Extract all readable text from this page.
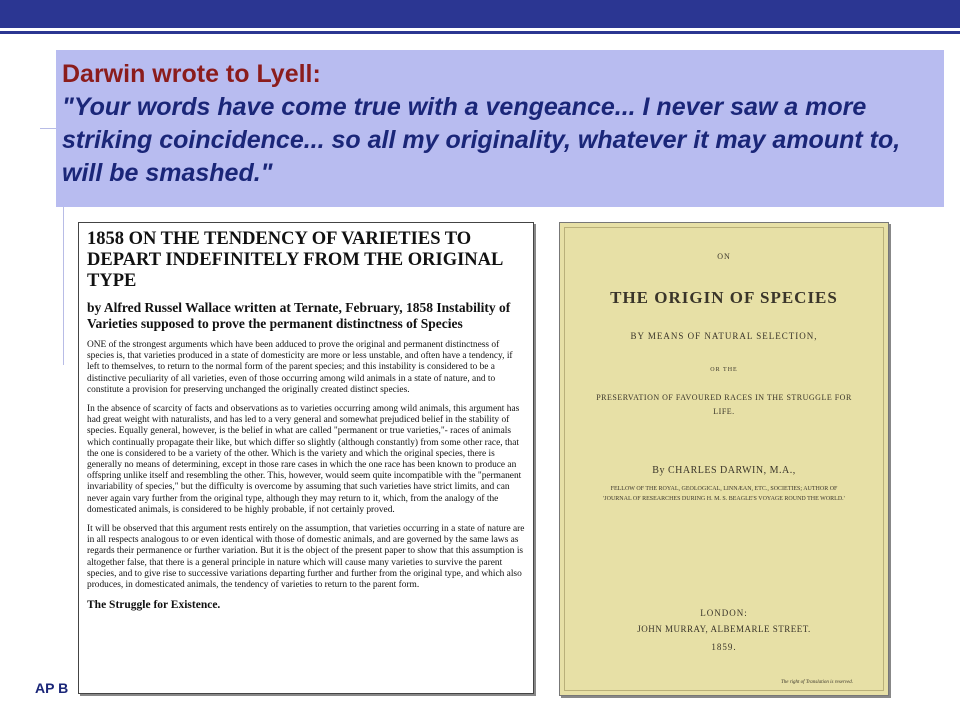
Darwin wrote to Lyell:
"Your words have come true with a vengeance... I never saw a more striking coincidence... so all my originality, whatever it may amount to, will be smashed."
1858 ON THE TENDENCY OF VARIETIES TO DEPART INDEFINITELY FROM THE ORIGINAL TYPE
by Alfred Russel Wallace written at Ternate, February, 1858 Instability of Varieties supposed to prove the permanent distinctness of Species

ONE of the strongest arguments which have been adduced to prove the original and permanent distinctness of species is, that varieties produced in a state of domesticity are more or less unstable, and often have a tendency, if left to themselves, to return to the normal form of the parent species; and this instability is considered to be a distinctive peculiarity of all varieties, even of those occurring among wild animals in a state of nature, and to constitute a provision for preserving unchanged the originally created distinct species.

In the absence of scarcity of facts and observations as to varieties occurring among wild animals, this argument has had great weight with naturalists, and has led to a very general and somewhat prejudiced belief in the stability of species. Equally general, however, is the belief in what are called "permanent or true varieties,"- races of animals which continually propagate their like, but which differ so slightly (although constantly) from some other race, that the one is considered to be a variety of the other. Which is the variety and which the original species, there is generally no means of determining, except in those rare cases in which the one race has been known to produce an offspring unlike itself and resembling the other. This, however, would seem quite incompatible with the "permanent invariability of species," but the difficulty is overcome by assuming that such varieties have strict limits, and can never again vary further from the original type, although they may return to it, which, from the analogy of the domesticated animals, is considered to be highly probable, if not certainly proved.

It will be observed that this argument rests entirely on the assumption, that varieties occurring in a state of nature are in all respects analogous to or even identical with those of domestic animals, and are governed by the same laws as regards their permanence or further variation. But it is the object of the present paper to show that this assumption is altogether false, that there is a general principle in nature which will cause many varieties to survive the parent species, and to give rise to successive variations departing further and further from the original type, and which also produces, in domesticated animals, the tendency of varieties to return to the parent form.

The Struggle for Existence.
ON
THE ORIGIN OF SPECIES
BY MEANS OF NATURAL SELECTION,
OR THE
PRESERVATION OF FAVOURED RACES IN THE STRUGGLE FOR LIFE.
By CHARLES DARWIN, M.A.,
FELLOW OF THE ROYAL, GEOLOGICAL, LINNÆAN, ETC., SOCIETIES; AUTHOR OF 'JOURNAL OF RESEARCHES DURING H. M. S. BEAGLE'S VOYAGE ROUND THE WORLD.'
LONDON:
JOHN MURRAY, ALBEMARLE STREET.
1859.
The right of Translation is reserved.
AP B
